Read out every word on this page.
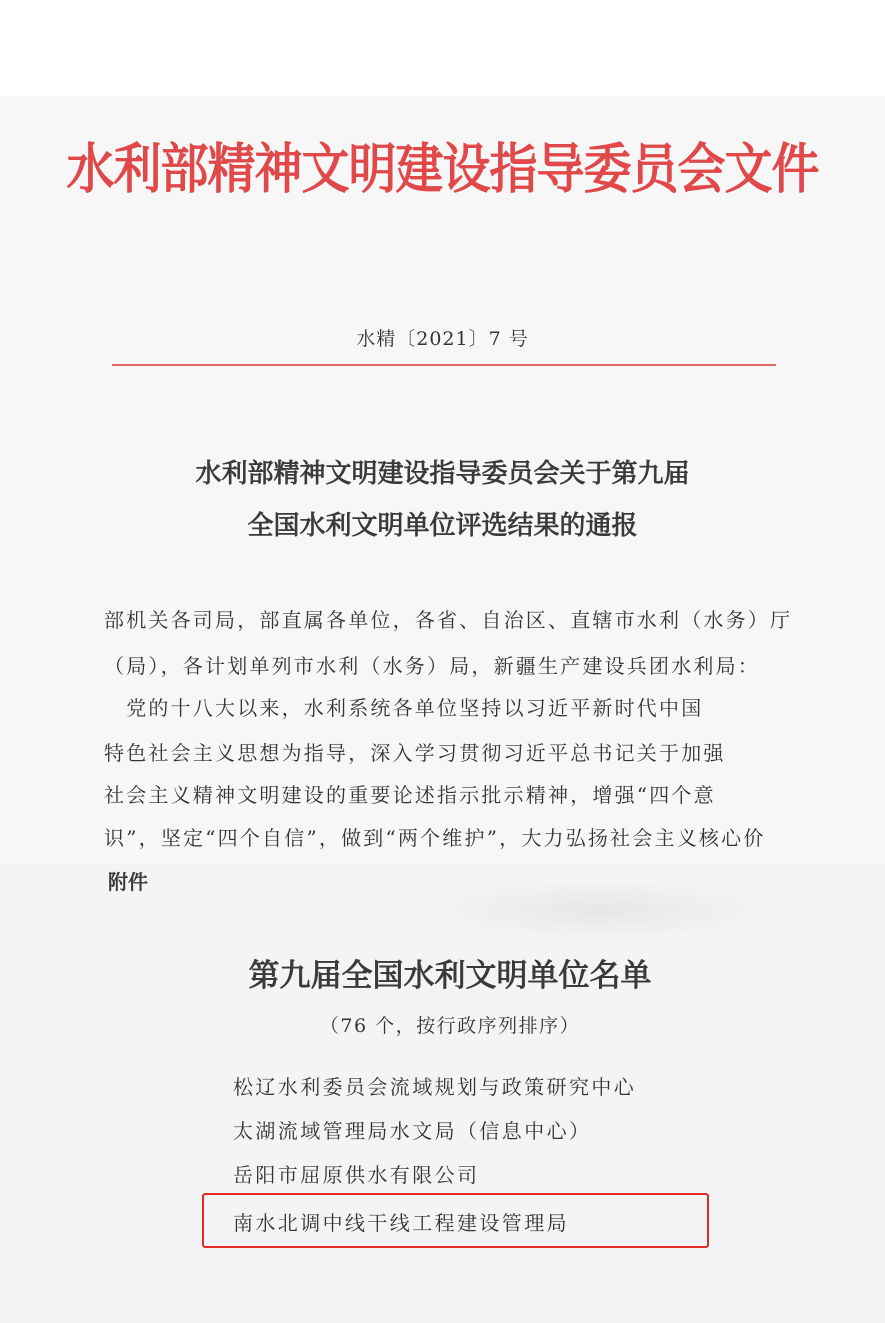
水利部精神文明建设指导委员会文件
水精〔2021〕7 号
水利部精神文明建设指导委员会关于第九届
全国水利文明单位评选结果的通报
部机关各司局，部直属各单位，各省、自治区、直辖市水利（水务）厅
（局），各计划单列市水利（水务）局，新疆生产建设兵团水利局：
　党的十八大以来，水利系统各单位坚持以习近平新时代中国
特色社会主义思想为指导，深入学习贯彻习近平总书记关于加强
社会主义精神文明建设的重要论述指示批示精神，增强“四个意
识”，坚定“四个自信”，做到“两个维护”，大力弘扬社会主义核心价
附件
第九届全国水利文明单位名单
（76 个，按行政序列排序）
松辽水利委员会流域规划与政策研究中心
太湖流域管理局水文局（信息中心）
岳阳市屈原供水有限公司
南水北调中线干线工程建设管理局
